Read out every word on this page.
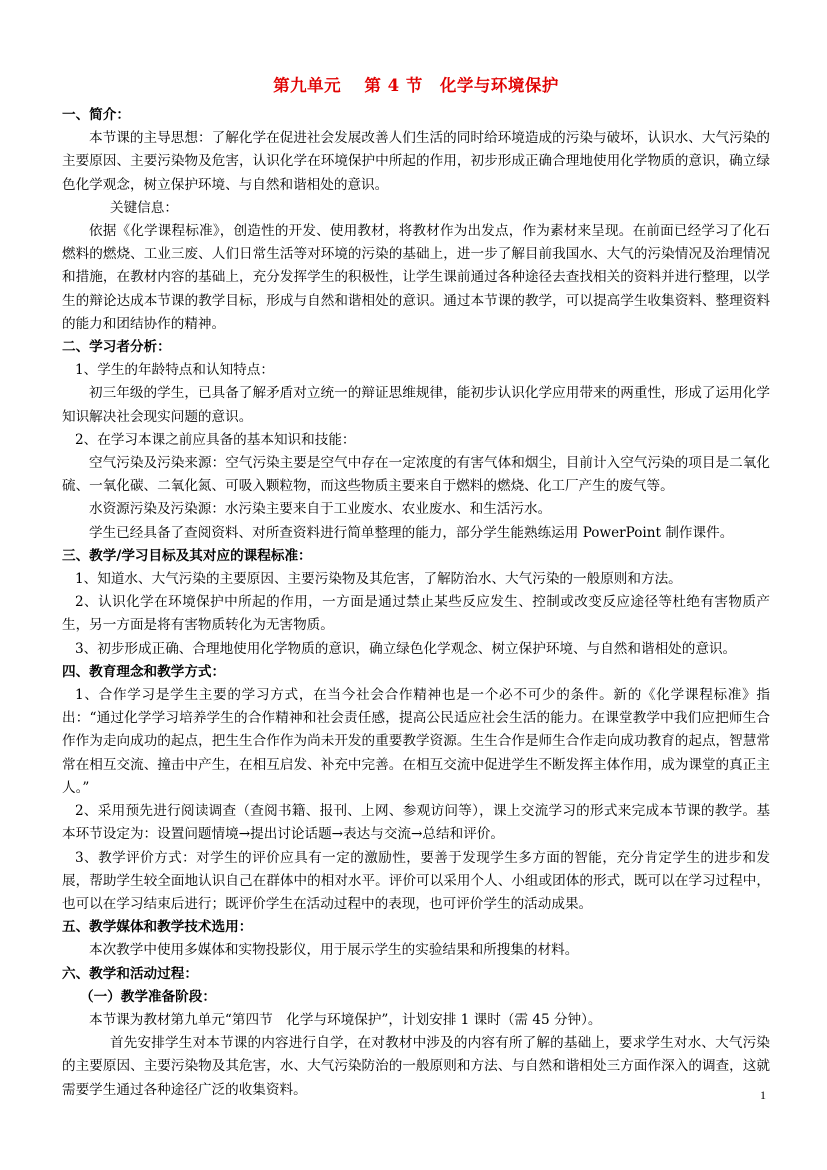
第九单元　 第 4 节　化学与环境保护

一、简介：

本节课的主导思想：了解化学在促进社会发展改善人们生活的同时给环境造成的污染与破坏，认识水、大气污染的主要原因、主要污染物及危害，认识化学在环境保护中所起的作用，初步形成正确合理地使用化学物质的意识，确立绿色化学观念，树立保护环境、与自然和谐相处的意识。

关键信息：

依据《化学课程标准》，创造性的开发、使用教材，将教材作为出发点，作为素材来呈现。在前面已经学习了化石燃料的燃烧、工业三废、人们日常生活等对环境的污染的基础上，进一步了解目前我国水、大气的污染情况及治理情况和措施，在教材内容的基础上，充分发挥学生的积极性，让学生课前通过各种途径去查找相关的资料并进行整理，以学生的辩论达成本节课的教学目标，形成与自然和谐相处的意识。通过本节课的教学，可以提高学生收集资料、整理资料的能力和团结协作的精神。

二、学习者分析：

1、学生的年龄特点和认知特点：

初三年级的学生，已具备了解矛盾对立统一的辩证思维规律，能初步认识化学应用带来的两重性，形成了运用化学知识解决社会现实问题的意识。

2、在学习本课之前应具备的基本知识和技能：

空气污染及污染来源：空气污染主要是空气中存在一定浓度的有害气体和烟尘，目前计入空气污染的项目是二氧化硫、一氧化碳、二氧化氮、可吸入颗粒物，而这些物质主要来自于燃料的燃烧、化工厂产生的废气等。

水资源污染及污染源：水污染主要来自于工业废水、农业废水、和生活污水。

学生已经具备了查阅资料、对所查资料进行简单整理的能力，部分学生能熟练运用 PowerPoint 制作课件。

三、教学/学习目标及其对应的课程标准：

1、知道水、大气污染的主要原因、主要污染物及其危害，了解防治水、大气污染的一般原则和方法。

2、认识化学在环境保护中所起的作用，一方面是通过禁止某些反应发生、控制或改变反应途径等杜绝有害物质产生，另一方面是将有害物质转化为无害物质。

3、初步形成正确、合理地使用化学物质的意识，确立绿色化学观念、树立保护环境、与自然和谐相处的意识。

四、教育理念和教学方式：

1、合作学习是学生主要的学习方式，在当今社会合作精神也是一个必不可少的条件。新的《化学课程标准》指出：“通过化学学习培养学生的合作精神和社会责任感，提高公民适应社会生活的能力。在课堂教学中我们应把师生合作作为走向成功的起点，把生生合作作为尚未开发的重要教学资源。生生合作是师生合作走向成功教育的起点，智慧常常在相互交流、撞击中产生，在相互启发、补充中完善。在相互交流中促进学生不断发挥主体作用，成为课堂的真正主人。”

2、采用预先进行阅读调查（查阅书籍、报刊、上网、参观访问等），课上交流学习的形式来完成本节课的教学。基本环节设定为：设置问题情境→提出讨论话题→表达与交流→总结和评价。

3、教学评价方式：对学生的评价应具有一定的激励性，要善于发现学生多方面的智能，充分肯定学生的进步和发展，帮助学生较全面地认识自己在群体中的相对水平。评价可以采用个人、小组或团体的形式，既可以在学习过程中，也可以在学习结束后进行；既评价学生在活动过程中的表现，也可评价学生的活动成果。

五、教学媒体和教学技术选用：

本次教学中使用多媒体和实物投影仪，用于展示学生的实验结果和所搜集的材料。

六、教学和活动过程：

（一）教学准备阶段：

本节课为教材第九单元“第四节　化学与环境保护”，计划安排 1 课时（需 45 分钟）。

首先安排学生对本节课的内容进行自学，在对教材中涉及的内容有所了解的基础上，要求学生对水、大气污染的主要原因、主要污染物及其危害，水、大气污染防治的一般原则和方法、与自然和谐相处三方面作深入的调查，这就需要学生通过各种途径广泛的收集资料。	1
